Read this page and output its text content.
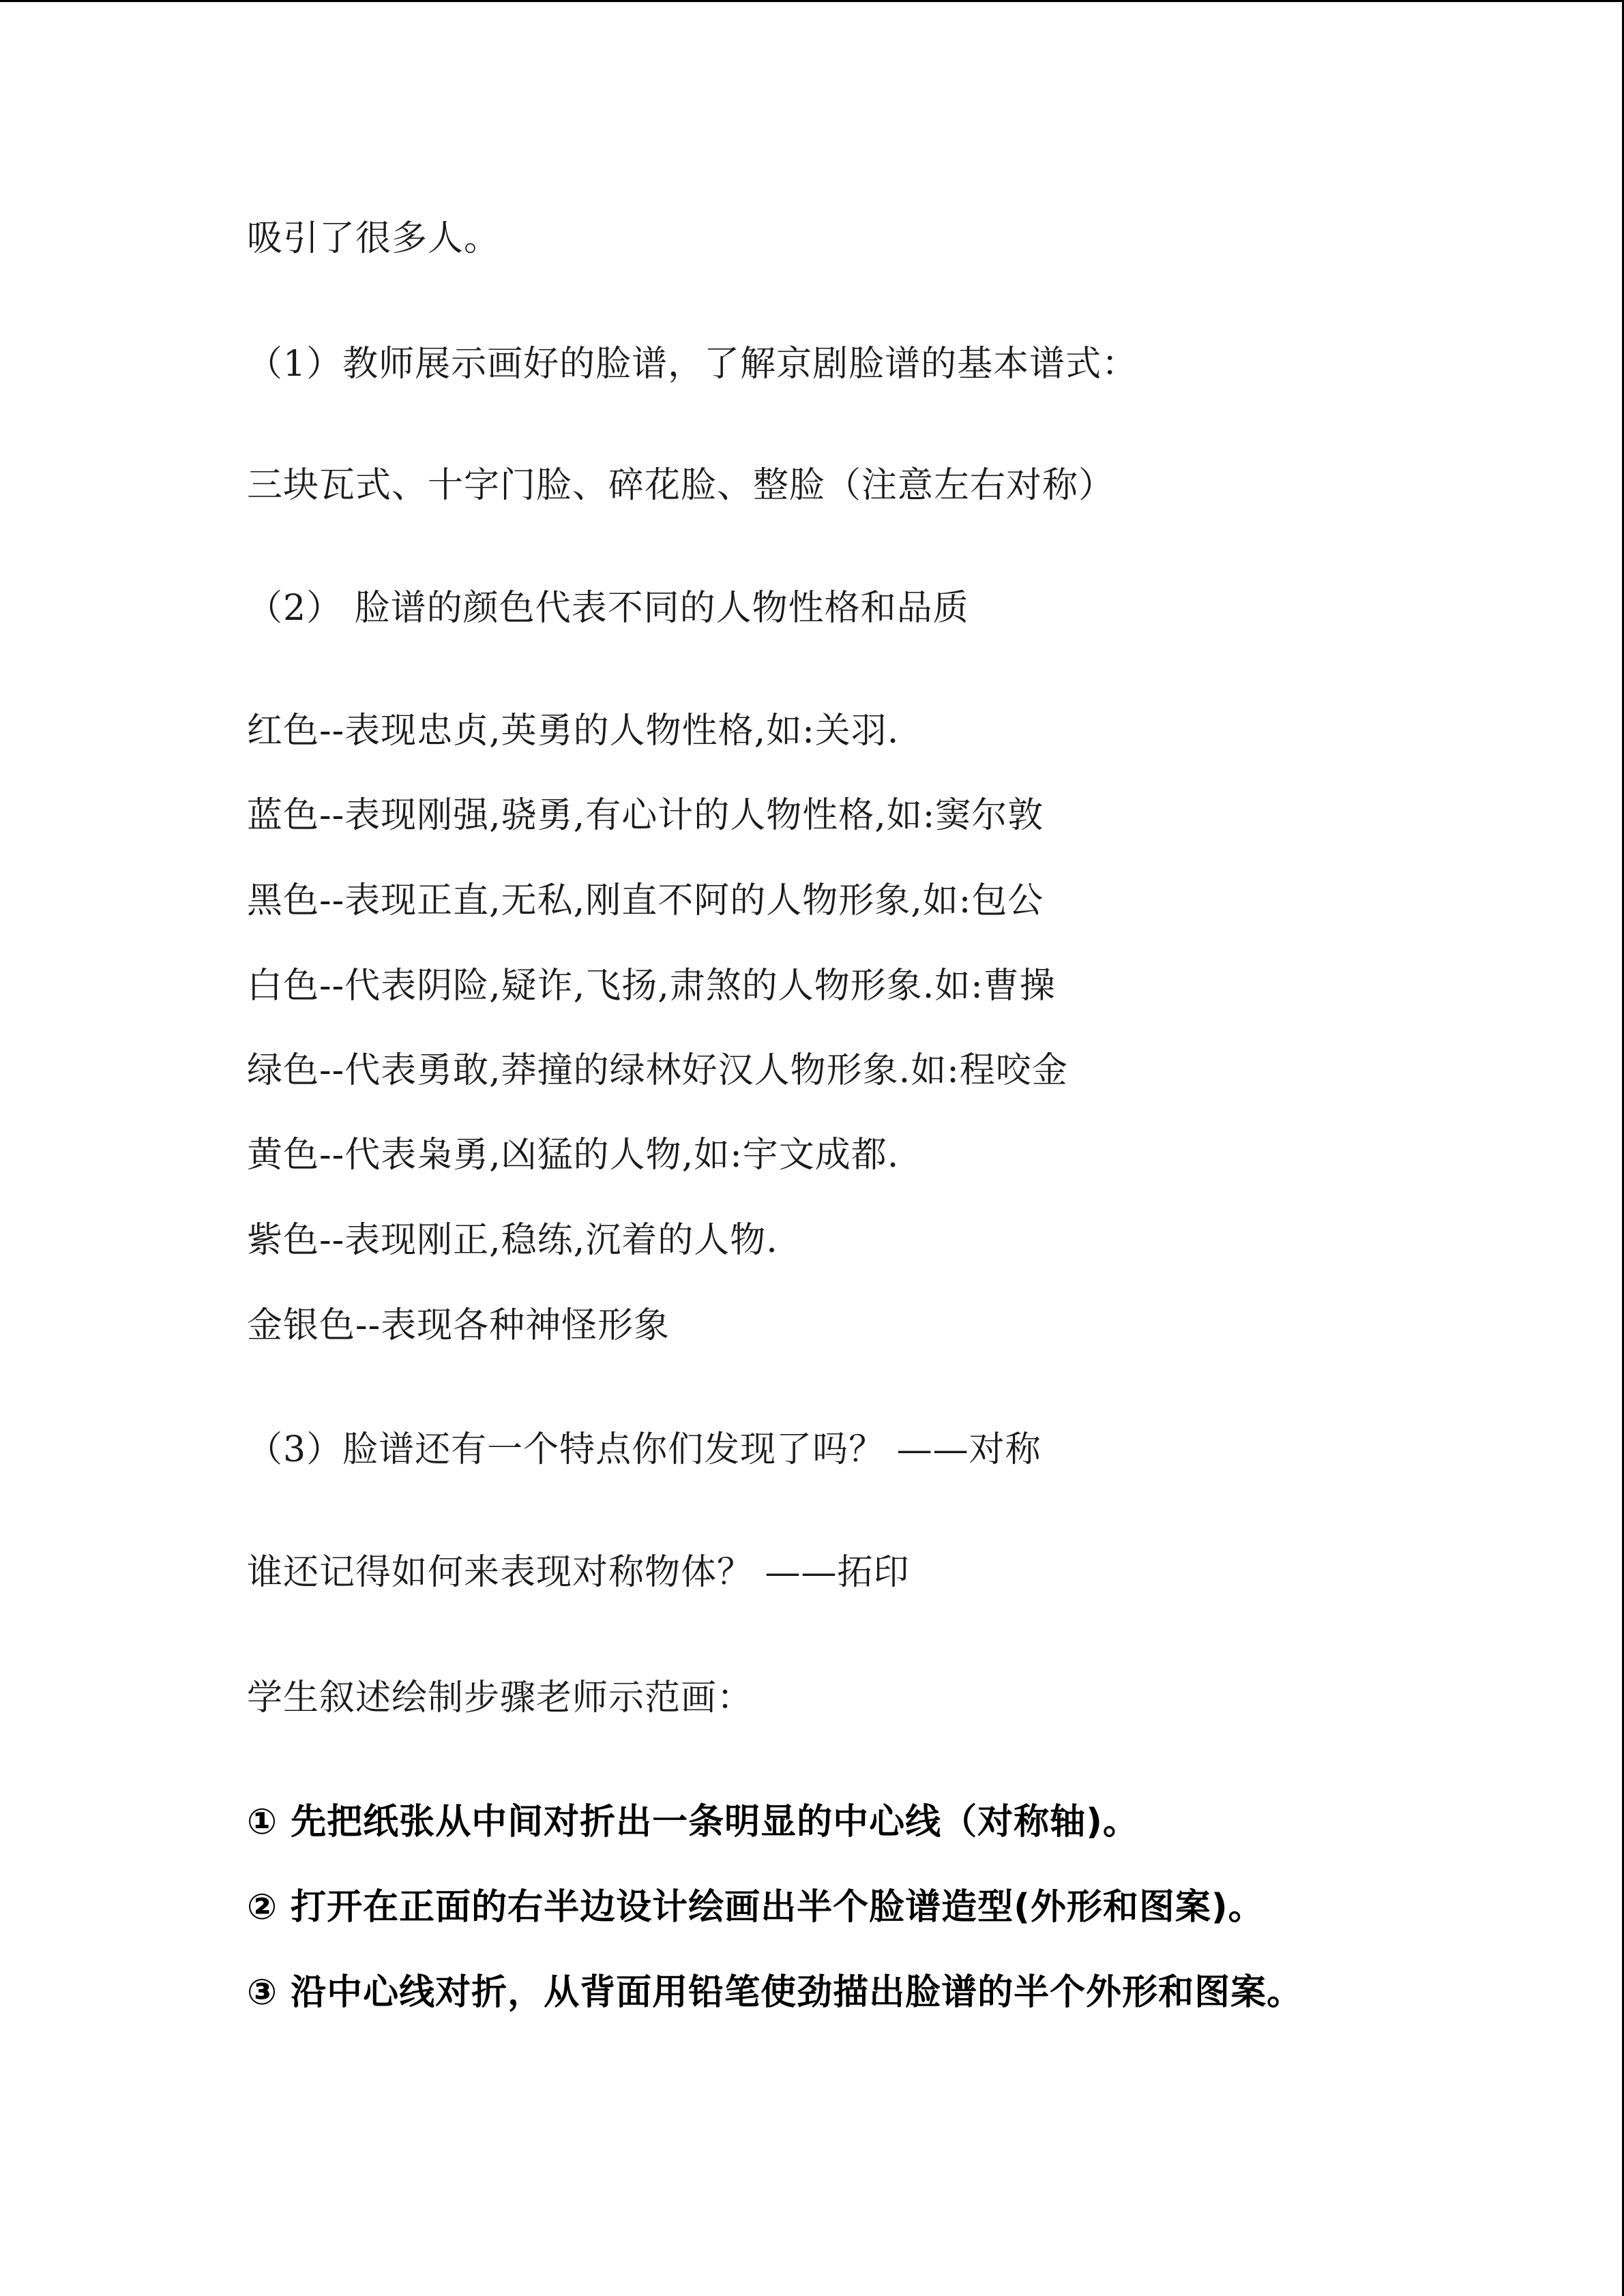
吸引了很多人。
（1）教师展示画好的脸谱，了解京剧脸谱的基本谱式：
三块瓦式、十字门脸、碎花脸、整脸（注意左右对称）
（2） 脸谱的颜色代表不同的人物性格和品质
红色--表现忠贞,英勇的人物性格,如:关羽.
蓝色--表现刚强,骁勇,有心计的人物性格,如:窦尔敦
黑色--表现正直,无私,刚直不阿的人物形象,如:包公
白色--代表阴险,疑诈,飞扬,肃煞的人物形象.如:曹操
绿色--代表勇敢,莽撞的绿林好汉人物形象.如:程咬金
黄色--代表枭勇,凶猛的人物,如:宇文成都.
紫色--表现刚正,稳练,沉着的人物.
金银色--表现各种神怪形象
（3）脸谱还有一个特点你们发现了吗？ ——对称
谁还记得如何来表现对称物体？ ——拓印
学生叙述绘制步骤老师示范画：
① 先把纸张从中间对折出一条明显的中心线（对称轴)。
② 打开在正面的右半边设计绘画出半个脸谱造型(外形和图案)。
③ 沿中心线对折，从背面用铅笔使劲描出脸谱的半个外形和图案。
